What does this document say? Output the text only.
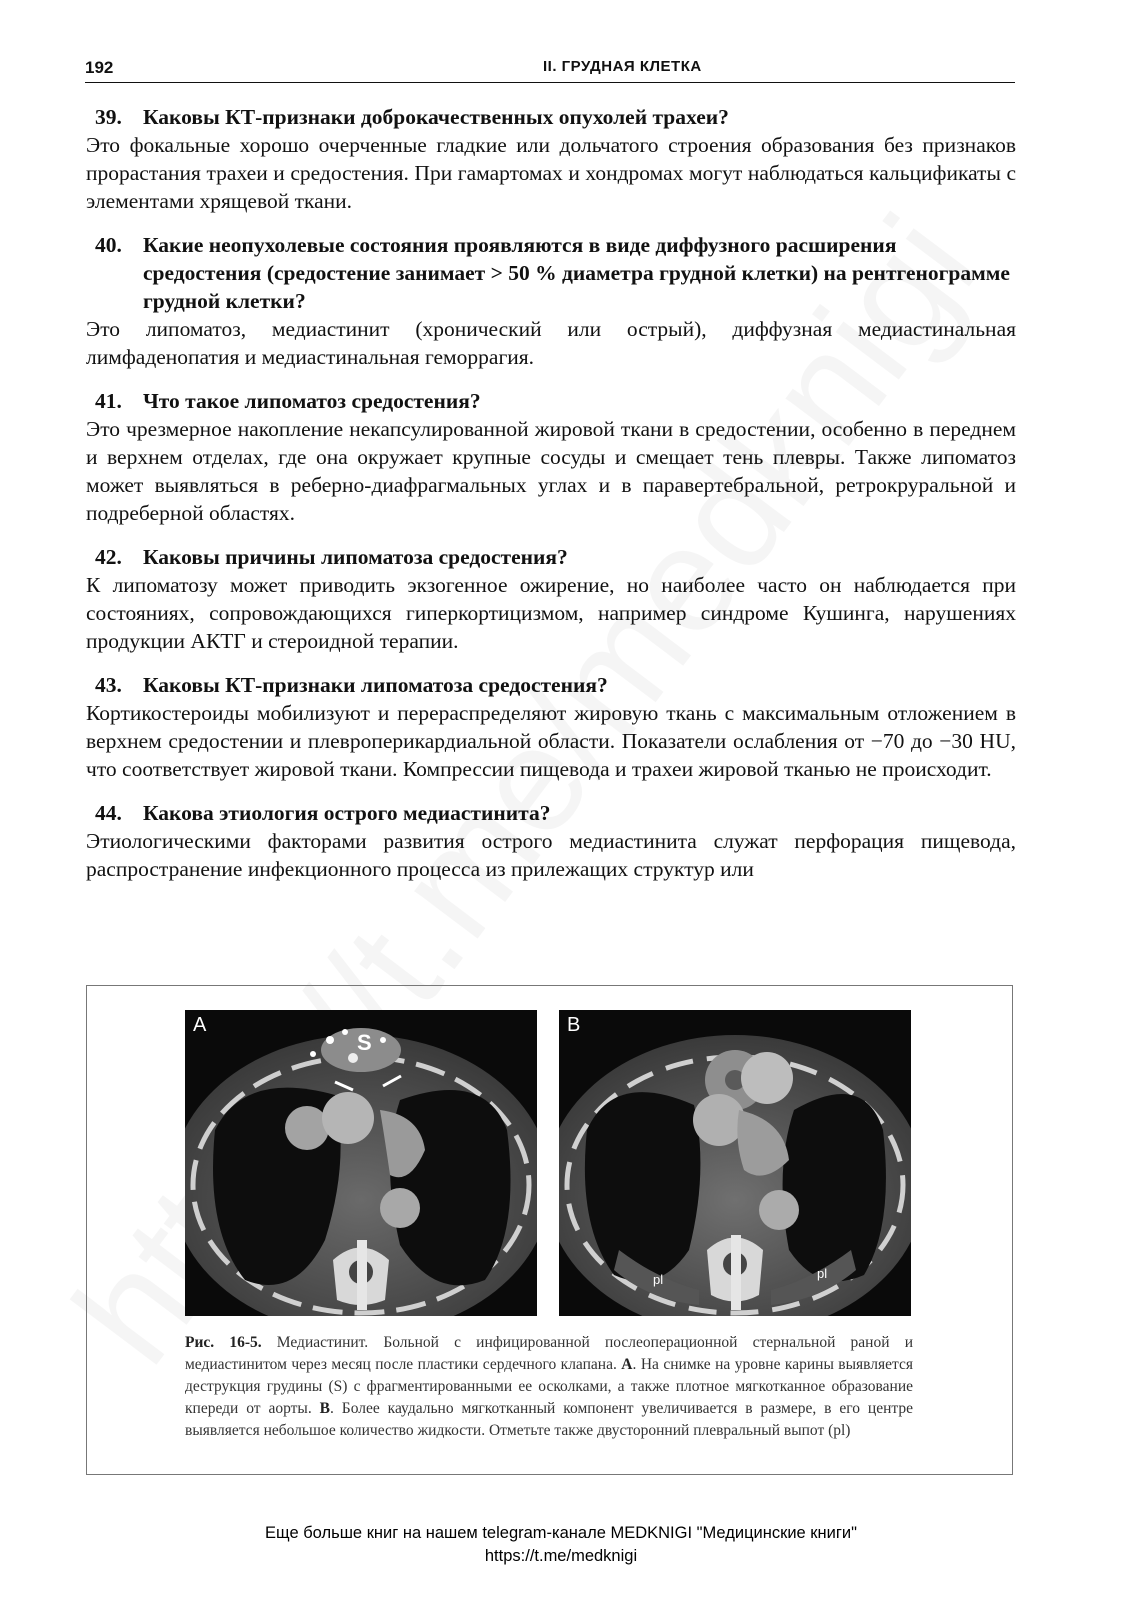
192	II. ГРУДНАЯ КЛЕТКА

39. Каковы КТ-признаки доброкачественных опухолей трахеи?

Это фокальные хорошо очерченные гладкие или дольчатого строения образования без признаков прорастания трахеи и средостения. При гамартомах и хондромах могут наблюдаться кальцификаты с элементами хрящевой ткани.

40. Какие неопухолевые состояния проявляются в виде диффузного расширения средостения (средостение занимает > 50 % диаметра грудной клетки) на рентгенограмме грудной клетки?

Это липоматоз, медиастинит (хронический или острый), диффузная медиастинальная лимфаденопатия и медиастинальная геморрагия.

41. Что такое липоматоз средостения?

Это чрезмерное накопление некапсулированной жировой ткани в средостении, особенно в переднем и верхнем отделах, где она окружает крупные сосуды и смещает тень плевры. Также липоматоз может выявляться в реберно-диафрагмальных углах и в паравертебральной, ретрокруральной и подреберной областях.

42. Каковы причины липоматоза средостения?

К липоматозу может приводить экзогенное ожирение, но наиболее часто он наблюдается при состояниях, сопровождающихся гиперкортицизмом, например синдроме Кушинга, нарушениях продукции АКТГ и стероидной терапии.

43. Каковы КТ-признаки липоматоза средостения?

Кортикостероиды мобилизуют и перераспределяют жировую ткань с максимальным отложением в верхнем средостении и плевроперикардиальной области. Показатели ослабления от −70 до −30 HU, что соответствует жировой ткани. Компрессии пищевода и трахеи жировой тканью не происходит.

44. Какова этиология острого медиастинита?

Этиологическими факторами развития острого медиастинита служат перфорация пищевода, распространение инфекционного процесса из прилежащих структур или

A
S
B
pl	pl

Рис. 16-5. Медиастинит. Больной с инфицированной послеоперационной стернальной раной и медиастинитом через месяц после пластики сердечного клапана. А. На снимке на уровне карины выявляется деструкция грудины (S) с фрагментированными ее осколками, а также плотное мягкотканное образование кпереди от аорты. В. Более каудально мягкотканный компонент увеличивается в размере, в его центре выявляется небольшое количество жидкости. Отметьте также двусторонний плевральный выпот (pl)

Еще больше книг на нашем telegram-канале MEDKNIGI "Медицинские книги"
https://t.me/medknigi
